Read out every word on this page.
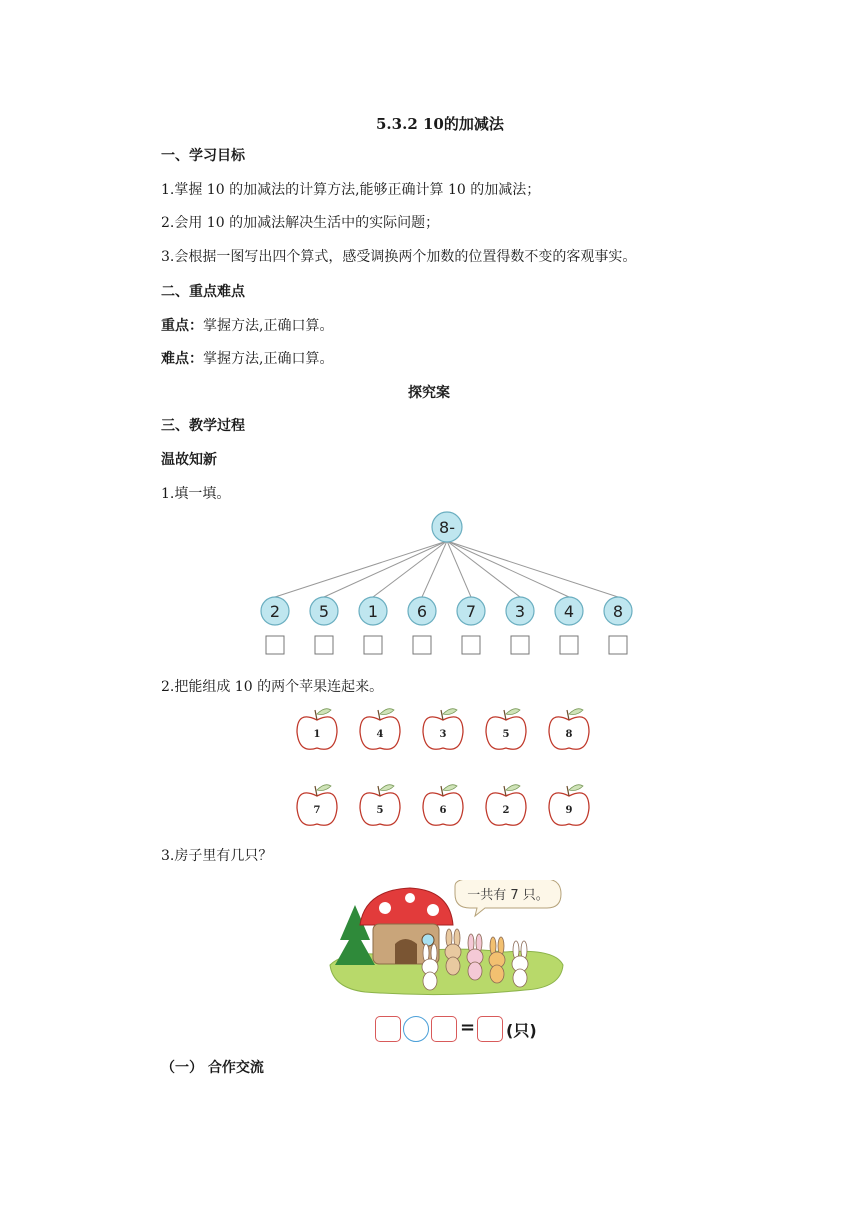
5.3.2 10的加减法
一、学习目标
1.掌握 10 的加减法的计算方法,能够正确计算 10 的加减法；
2.会用 10 的加减法解决生活中的实际问题；
3.会根据一图写出四个算式，感受调换两个加数的位置得数不变的客观事实。
二、重点难点
重点：掌握方法,正确口算。
难点：掌握方法,正确口算。
探究案
三、教学过程
温故知新
1.填一填。
8-
2 5 1 6 7 3 4 8
2.把能组成 10 的两个苹果连起来。
1	4	3	5	8
7	5	6	2	9
3.房子里有几只？
一共有 7 只。
= (只)
（一） 合作交流
